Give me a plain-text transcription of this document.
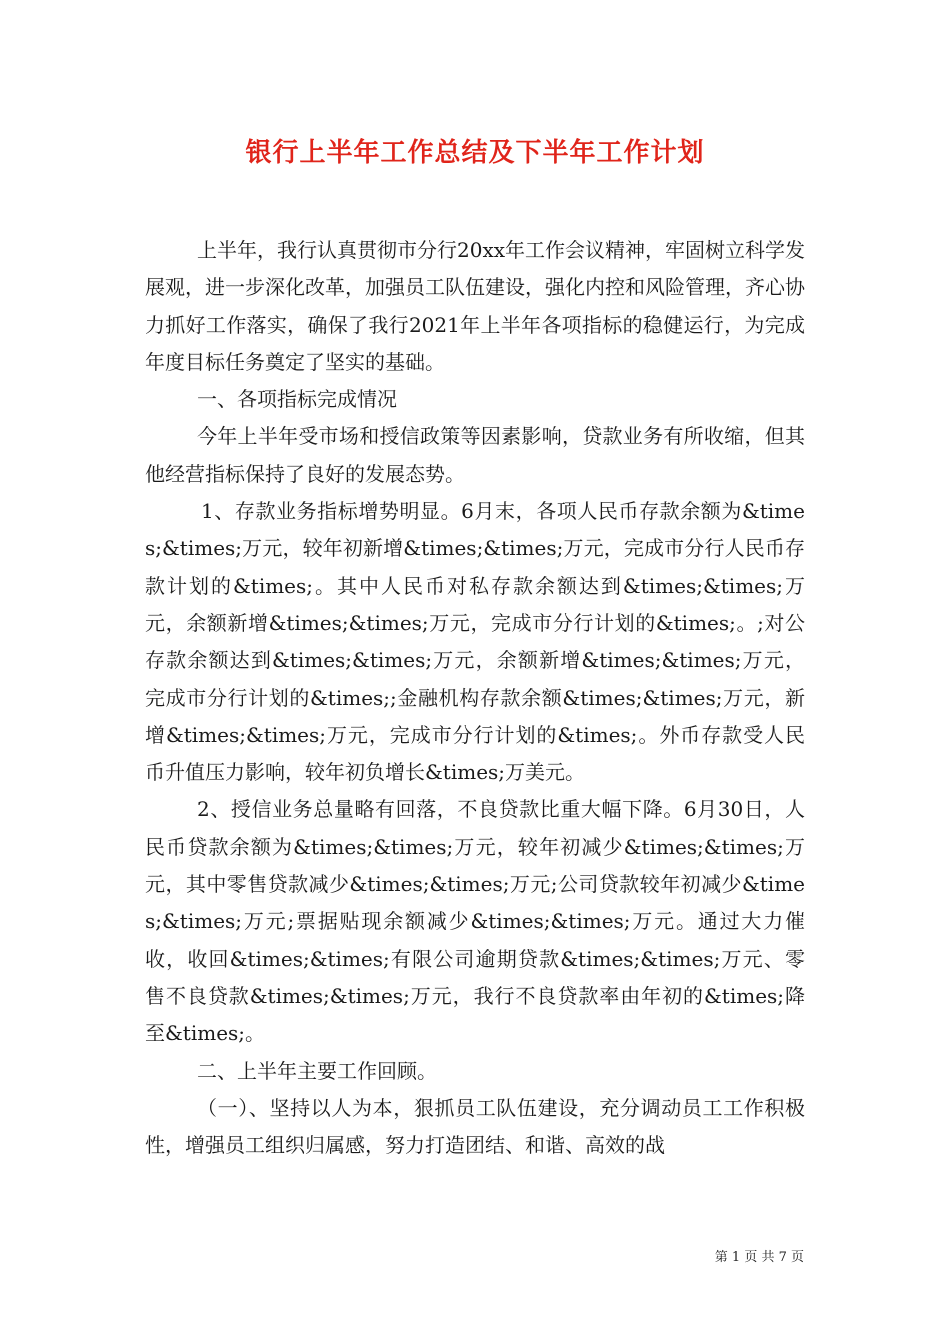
银行上半年工作总结及下半年工作计划

上半年，我行认真贯彻市分行20xx年工作会议精神，牢固树立科学发展观，进一步深化改革，加强员工队伍建设，强化内控和风险管理，齐心协力抓好工作落实，确保了我行2021年上半年各项指标的稳健运行，为完成年度目标任务奠定了坚实的基础。

一、各项指标完成情况

今年上半年受市场和授信政策等因素影响，贷款业务有所收缩，但其他经营指标保持了良好的发展态势。

1、存款业务指标增势明显。6月末，各项人民币存款余额为&times;&times;万元，较年初新增&times;&times;万元，完成市分行人民币存款计划的&times;。其中人民币对私存款余额达到&times;&times;万元，余额新增&times;&times;万元，完成市分行计划的&times;。;对公存款余额达到&times;&times;万元，余额新增&times;&times;万元，完成市分行计划的&times;;金融机构存款余额&times;&times;万元，新增&times;&times;万元，完成市分行计划的&times;。外币存款受人民币升值压力影响，较年初负增长&times;万美元。

2、授信业务总量略有回落，不良贷款比重大幅下降。6月30日，人民币贷款余额为&times;&times;万元，较年初减少&times;&times;万元，其中零售贷款减少&times;&times;万元;公司贷款较年初减少&times;&times;万元;票据贴现余额减少&times;&times;万元。通过大力催收，收回&times;&times;有限公司逾期贷款&times;&times;万元、零售不良贷款&times;&times;万元，我行不良贷款率由年初的&times;降至&times;。

二、上半年主要工作回顾。

（一）、坚持以人为本，狠抓员工队伍建设，充分调动员工工作积极性，增强员工组织归属感，努力打造团结、和谐、高效的战

第 1 页 共 7 页
